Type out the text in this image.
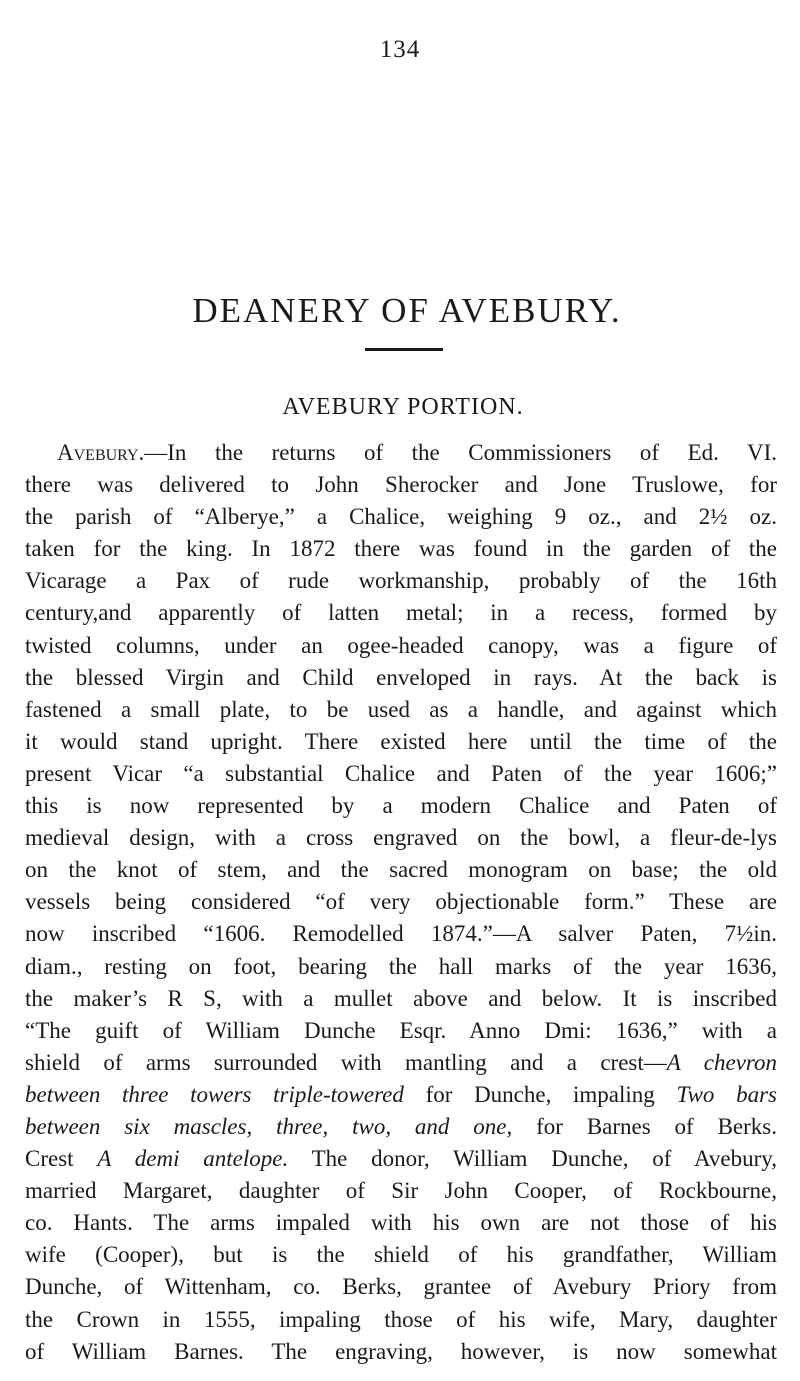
134
DEANERY OF AVEBURY.
AVEBURY PORTION.
Avebury.—In the returns of the Commissioners of Ed. VI.
there was delivered to John Sherocker and Jone Truslowe, for
the parish of “Alberye,” a Chalice, weighing 9 oz., and 2½ oz.
taken for the king. In 1872 there was found in the garden of the
Vicarage a Pax of rude workmanship, probably of the 16th
century,and apparently of latten metal; in a recess, formed by
twisted columns, under an ogee-headed canopy, was a figure of
the blessed Virgin and Child enveloped in rays. At the back is
fastened a small plate, to be used as a handle, and against which
it would stand upright. There existed here until the time of the
present Vicar “a substantial Chalice and Paten of the year 1606;”
this is now represented by a modern Chalice and Paten of
medieval design, with a cross engraved on the bowl, a fleur-de-lys
on the knot of stem, and the sacred monogram on base; the old
vessels being considered “of very objectionable form.” These are
now inscribed “1606. Remodelled 1874.”—A salver Paten, 7½in.
diam., resting on foot, bearing the hall marks of the year 1636,
the maker’s R S, with a mullet above and below. It is inscribed
“The guift of William Dunche Esqr. Anno Dmi: 1636,” with a
shield of arms surrounded with mantling and a crest—A chevron
between three towers triple-towered for Dunche, impaling Two bars
between six mascles, three, two, and one, for Barnes of Berks.
Crest A demi antelope. The donor, William Dunche, of Avebury,
married Margaret, daughter of Sir John Cooper, of Rockbourne,
co. Hants. The arms impaled with his own are not those of his
wife (Cooper), but is the shield of his grandfather, William
Dunche, of Wittenham, co. Berks, grantee of Avebury Priory from
the Crown in 1555, impaling those of his wife, Mary, daughter
of William Barnes. The engraving, however, is now somewhat
